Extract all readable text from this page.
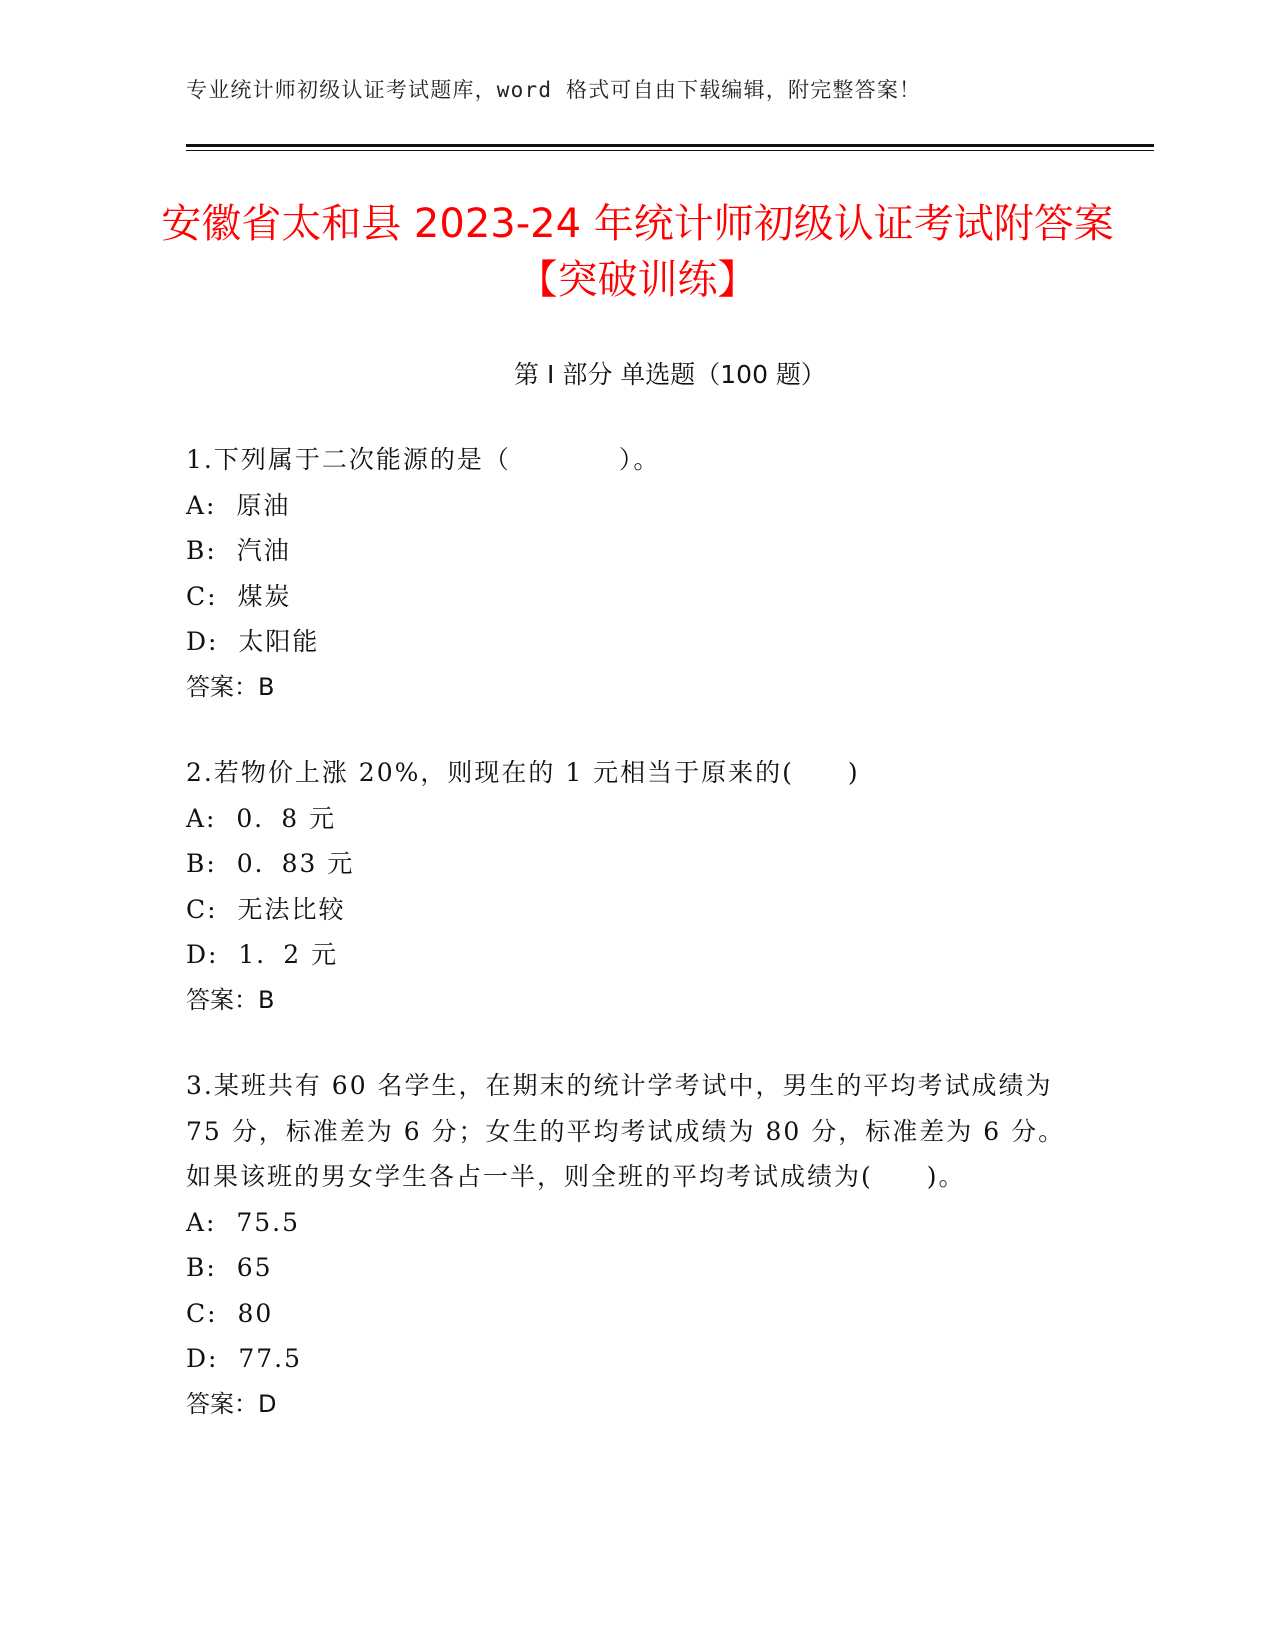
专业统计师初级认证考试题库，word 格式可自由下载编辑，附完整答案！
安徽省太和县 2023-24 年统计师初级认证考试附答案【突破训练】
第 I 部分 单选题（100 题）

1.下列属于二次能源的是（　　　　）。

A:  原油

B:  汽油

C:  煤炭

D:  太阳能

答案：B

2.若物价上涨 20%，则现在的 1 元相当于原来的(　　)

A:  0．8 元

B:  0．83 元

C:  无法比较

D:  1．2 元

答案：B

3.某班共有 60 名学生，在期末的统计学考试中，男生的平均考试成绩为 75 分，标准差为 6 分；女生的平均考试成绩为 80 分，标准差为 6 分。如果该班的男女学生各占一半，则全班的平均考试成绩为(　　)。

A:  75.5

B:  65

C:  80

D:  77.5

答案：D
